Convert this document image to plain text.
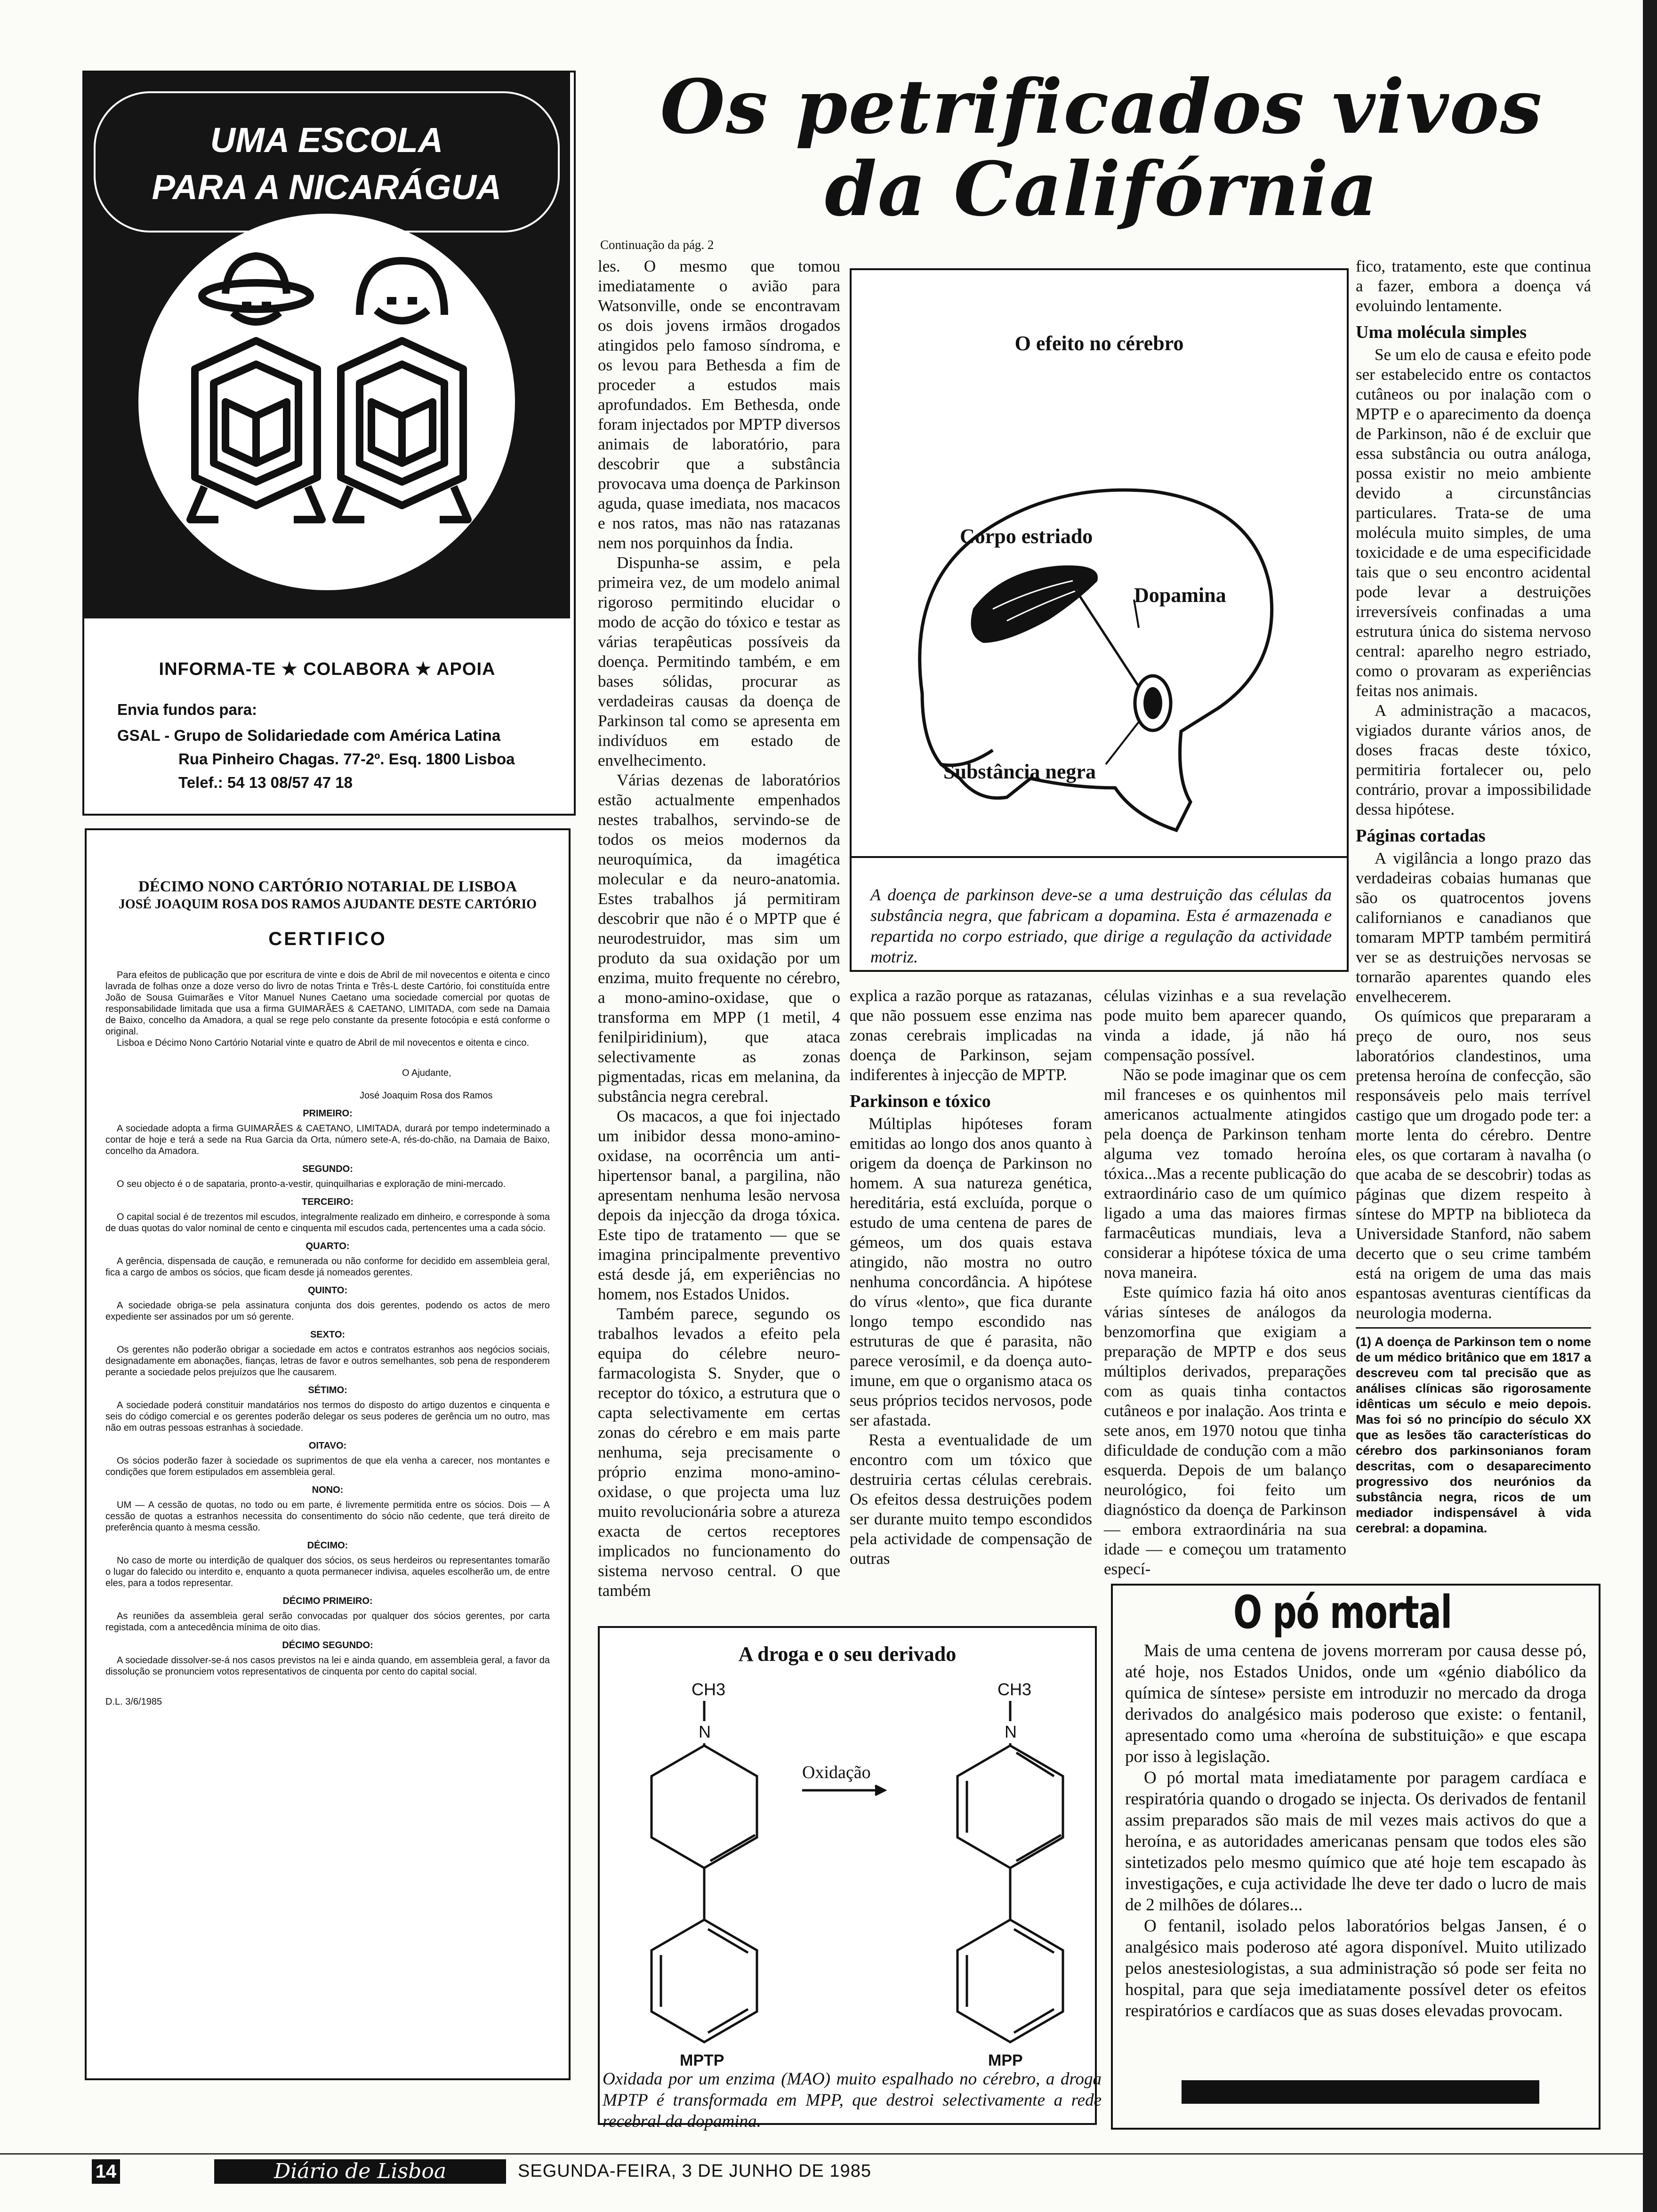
UMA ESCOLA
PARA A NICARÁGUA
INFORMA-TE ★ COLABORA ★ APOIA
Envia fundos para:
GSAL - Grupo de Solidariedade com América Latina
Rua Pinheiro Chagas. 77-2º. Esq. 1800 Lisboa
Telef.: 54 13 08/57 47 18
DÉCIMO NONO CARTÓRIO NOTARIAL DE LISBOA
JOSÉ JOAQUIM ROSA DOS RAMOS AJUDANTE DESTE CARTÓRIO
CERTIFICO

Para efeitos de publicação que por escritura de vinte e dois de Abril de mil novecentos e oitenta e cinco lavrada de folhas onze a doze verso do livro de notas Trinta e Três-L deste Cartório, foi constituída entre João de Sousa Guimarães e Vítor Manuel Nunes Caetano uma sociedade comercial por quotas de responsabilidade limitada que usa a firma GUIMARÃES & CAETANO, LIMITADA, com sede na Damaia de Baixo, concelho da Amadora, a qual se rege pelo constante da presente fotocópia e está conforme o original.

Lisboa e Décimo Nono Cartório Notarial vinte e quatro de Abril de mil novecentos e oitenta e cinco.

O Ajudante,
José Joaquim Rosa dos Ramos
PRIMEIRO:

A sociedade adopta a firma GUIMARÃES & CAETANO, LIMITADA, durará por tempo indeterminado a contar de hoje e terá a sede na Rua Garcia da Orta, número sete-A, rés-do-chão, na Damaia de Baixo, concelho da Amadora.

SEGUNDO:

O seu objecto é o de sapataria, pronto-a-vestir, quinquilharias e exploração de mini-mercado.

TERCEIRO:

O capital social é de trezentos mil escudos, integralmente realizado em dinheiro, e corresponde à soma de duas quotas do valor nominal de cento e cinquenta mil escudos cada, pertencentes uma a cada sócio.

QUARTO:

A gerência, dispensada de caução, e remunerada ou não conforme for decidido em assembleia geral, fica a cargo de ambos os sócios, que ficam desde já nomeados gerentes.

QUINTO:

A sociedade obriga-se pela assinatura conjunta dos dois gerentes, podendo os actos de mero expediente ser assinados por um só gerente.

SEXTO:

Os gerentes não poderão obrigar a sociedade em actos e contratos estranhos aos negócios sociais, designadamente em abonações, fianças, letras de favor e outros semelhantes, sob pena de responderem perante a sociedade pelos prejuízos que lhe causarem.

SÉTIMO:

A sociedade poderá constituir mandatários nos termos do disposto do artigo duzentos e cinquenta e seis do código comercial e os gerentes poderão delegar os seus poderes de gerência um no outro, mas não em outras pessoas estranhas à sociedade.

OITAVO:

Os sócios poderão fazer à sociedade os suprimentos de que ela venha a carecer, nos montantes e condições que forem estipulados em assembleia geral.

NONO:

UM — A cessão de quotas, no todo ou em parte, é livremente permitida entre os sócios. Dois — A cessão de quotas a estranhos necessita do consentimento do sócio não cedente, que terá direito de preferência quanto à mesma cessão.

DÉCIMO:

No caso de morte ou interdição de qualquer dos sócios, os seus herdeiros ou representantes tomarão o lugar do falecido ou interdito e, enquanto a quota permanecer indivisa, aqueles escolherão um, de entre eles, para a todos representar.

DÉCIMO PRIMEIRO:

As reuniões da assembleia geral serão convocadas por qualquer dos sócios gerentes, por carta registada, com a antecedência mínima de oito dias.

DÉCIMO SEGUNDO:

A sociedade dissolver-se-á nos casos previstos na lei e ainda quando, em assembleia geral, a favor da dissolução se pronunciem votos representativos de cinquenta por cento do capital social.

D.L. 3/6/1985
Os petrificados vivos
da Califórnia
Continuação da pág. 2

les. O mesmo que tomou imediatamente o avião para Watsonville, onde se encontravam os dois jovens irmãos drogados atingidos pelo famoso síndroma, e os levou para Bethesda a fim de proceder a estudos mais aprofundados. Em Bethesda, onde foram injectados por MPTP diversos animais de laboratório, para descobrir que a substância provocava uma doença de Parkinson aguda, quase imediata, nos macacos e nos ratos, mas não nas ratazanas nem nos porquinhos da Índia.

Dispunha-se assim, e pela primeira vez, de um modelo animal rigoroso permitindo elucidar o modo de acção do tóxico e testar as várias terapêuticas possíveis da doença. Permitindo também, e em bases sólidas, procurar as verdadeiras causas da doença de Parkinson tal como se apresenta em indivíduos em estado de envelhecimento.

Várias dezenas de laboratórios estão actualmente empenhados nestes trabalhos, servindo-se de todos os meios modernos da neuroquímica, da imagética molecular e da neuro-anatomia. Estes trabalhos já permitiram descobrir que não é o MPTP que é neurodestruidor, mas sim um produto da sua oxidação por um enzima, muito frequente no cérebro, a mono-amino-oxidase, que o transforma em MPP (1 metil, 4 fenilpiridinium), que ataca selectivamente as zonas pigmentadas, ricas em melanina, da substância negra cerebral.

Os macacos, a que foi injectado um inibidor dessa mono-amino-oxidase, na ocorrência um anti-hipertensor banal, a pargilina, não apresentam nenhuma lesão nervosa depois da injecção da droga tóxica. Este tipo de tratamento — que se imagina principalmente preventivo está desde já, em experiências no homem, nos Estados Unidos.

Também parece, segundo os trabalhos levados a efeito pela equipa do célebre neuro-farmacologista S. Snyder, que o receptor do tóxico, a estrutura que o capta selectivamente em certas zonas do cérebro e em mais parte nenhuma, seja precisamente o próprio enzima mono-amino-oxidase, o que projecta uma luz muito revolucionária sobre a atureza exacta de certos receptores implicados no funcionamento do sistema nervoso central. O que também

O efeito no cérebro
Corpo estriado
Dopamina
Substância negra
A doença de parkinson deve-se a uma destruição das células da substância negra, que fabricam a dopamina. Esta é armazenada e repartida no corpo estriado, que dirige a regulação da actividade motriz.

explica a razão porque as ratazanas, que não possuem esse enzima nas zonas cerebrais implicadas na doença de Parkinson, sejam indiferentes à injecção de MPTP.

Parkinson e tóxico

Múltiplas hipóteses foram emitidas ao longo dos anos quanto à origem da doença de Parkinson no homem. A sua natureza genética, hereditária, está excluída, porque o estudo de uma centena de pares de gémeos, um dos quais estava atingido, não mostra no outro nenhuma concordância. A hipótese do vírus «lento», que fica durante longo tempo escondido nas estruturas de que é parasita, não parece verosímil, e da doença auto-imune, em que o organismo ataca os seus próprios tecidos nervosos, pode ser afastada.

Resta a eventualidade de um encontro com um tóxico que destruiria certas células cerebrais. Os efeitos dessa destruições podem ser durante muito tempo escondidos pela actividade de compensação de outras

células vizinhas e a sua revelação pode muito bem aparecer quando, vinda a idade, já não há compensação possível.

Não se pode imaginar que os cem mil franceses e os quinhentos mil americanos actualmente atingidos pela doença de Parkinson tenham alguma vez tomado heroína tóxica...Mas a recente publicação do extraordinário caso de um químico ligado a uma das maiores firmas farmacêuticas mundiais, leva a considerar a hipótese tóxica de uma nova maneira.

Este químico fazia há oito anos várias sínteses de análogos da benzomorfina que exigiam a preparação de MPTP e dos seus múltiplos derivados, preparações com as quais tinha contactos cutâneos e por inalação. Aos trinta e sete anos, em 1970 notou que tinha dificuldade de condução com a mão esquerda. Depois de um balanço neurológico, foi feito um diagnóstico da doença de Parkinson — embora extraordinária na sua idade — e começou um tratamento especí-

fico, tratamento, este que continua a fazer, embora a doença vá evoluindo lentamente.

Uma molécula simples

Se um elo de causa e efeito pode ser estabelecido entre os contactos cutâneos ou por inalação com o MPTP e o aparecimento da doença de Parkinson, não é de excluir que essa substância ou outra análoga, possa existir no meio ambiente devido a circunstâncias particulares. Trata-se de uma molécula muito simples, de uma toxicidade e de uma especificidade tais que o seu encontro acidental pode levar a destruições irreversíveis confinadas a uma estrutura única do sistema nervoso central: aparelho negro estriado, como o provaram as experiências feitas nos animais.

A administração a macacos, vigiados durante vários anos, de doses fracas deste tóxico, permitiria fortalecer ou, pelo contrário, provar a impossibilidade dessa hipótese.

Páginas cortadas

A vigilância a longo prazo das verdadeiras cobaias humanas que são os quatrocentos jovens californianos e canadianos que tomaram MPTP também permitirá ver se as destruições nervosas se tornarão aparentes quando eles envelhecerem.

Os químicos que prepararam a preço de ouro, nos seus laboratórios clandestinos, uma pretensa heroína de confecção, são responsáveis pelo mais terrível castigo que um drogado pode ter: a morte lenta do cérebro. Dentre eles, os que cortaram à navalha (o que acaba de se descobrir) todas as páginas que dizem respeito à síntese do MPTP na biblioteca da Universidade Stanford, não sabem decerto que o seu crime também está na origem de uma das mais espantosas aventuras científicas da neurologia moderna.

(1) A doença de Parkinson tem o nome de um médico britânico que em 1817 a descreveu com tal precisão que as análises clínicas são rigorosamente idênticas um século e meio depois. Mas foi só no princípio do século XX que as lesões tão características do cérebro dos parkinsonianos foram descritas, com o desaparecimento progressivo dos neurónios da substância negra, ricos de um mediador indispensável à vida cerebral: a dopamina.
A droga e o seu derivado
CH3
N
CH3
N
Oxidação
MPTP	MPP
Oxidada por um enzima (MAO) muito espalhado no cérebro, a droga MPTP é transformada em MPP, que destroi selectivamente a rede recebral da dopamina.
O pó mortal

Mais de uma centena de jovens morreram por causa desse pó, até hoje, nos Estados Unidos, onde um «génio diabólico da química de síntese» persiste em introduzir no mercado da droga derivados do analgésico mais poderoso que existe: o fentanil, apresentado como uma «heroína de substituição» e que escapa por isso à legislação.

O pó mortal mata imediatamente por paragem cardíaca e respiratória quando o drogado se injecta. Os derivados de fentanil assim preparados são mais de mil vezes mais activos do que a heroína, e as autoridades americanas pensam que todos eles são sintetizados pelo mesmo químico que até hoje tem escapado às investigações, e cuja actividade lhe deve ter dado o lucro de mais de 2 milhões de dólares...

O fentanil, isolado pelos laboratórios belgas Jansen, é o analgésico mais poderoso até agora disponível. Muito utilizado pelos anestesiologistas, a sua administração só pode ser feita no hospital, para que seja imediatamente possível deter os efeitos respiratórios e cardíacos que as suas doses elevadas provocam.

14	Diário de Lisboa	SEGUNDA-FEIRA, 3 DE JUNHO DE 1985
